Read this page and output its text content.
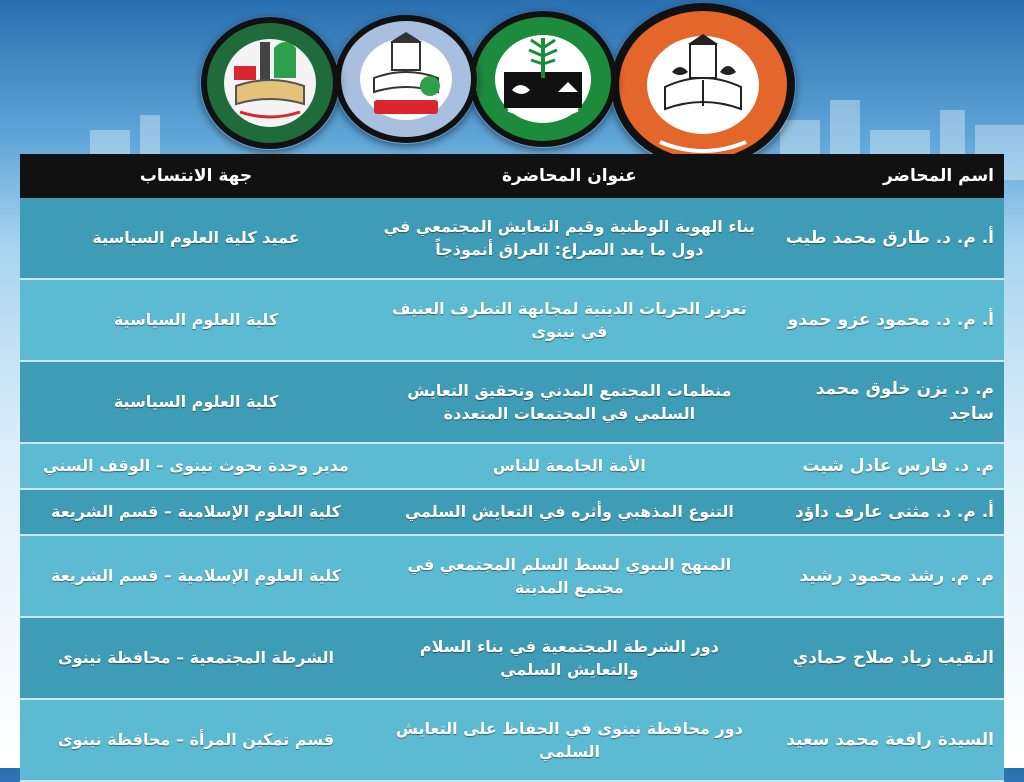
اسم المحاضر	عنوان المحاضرة	جهة الانتساب
أ. م. د. طارق محمد طيب	بناء الهوية الوطنية وقيم التعايش المجتمعي في دول ما بعد الصراع: العراق أنموذجاً	عميد كلية العلوم السياسية
أ. م. د. محمود عزو حمدو	تعزيز الحريات الدينية لمجابهة التطرف العنيف في نينوى	كلية العلوم السياسية
م. د. يزن خلوق محمد ساجد	منظمات المجتمع المدني وتحقيق التعايش السلمي في المجتمعات المتعددة	كلية العلوم السياسية
م. د. فارس عادل شيت	الأمة الجامعة للناس	مدير وحدة بحوث نينوى – الوقف السني
أ. م. د. مثنى عارف داؤد	التنوع المذهبي وأثره في التعايش السلمي	كلية العلوم الإسلامية – قسم الشريعة
م. م. رشد محمود رشيد	المنهج النبوي لبسط السلم المجتمعي في مجتمع المدينة	كلية العلوم الإسلامية – قسم الشريعة
النقيب زياد صلاح حمادي	دور الشرطة المجتمعية في بناء السلام والتعايش السلمي	الشرطة المجتمعية – محافظة نينوى
السيدة رافعة محمد سعيد	دور محافظة نينوى في الحفاظ على التعايش السلمي	قسم تمكين المرأة – محافظة نينوى
